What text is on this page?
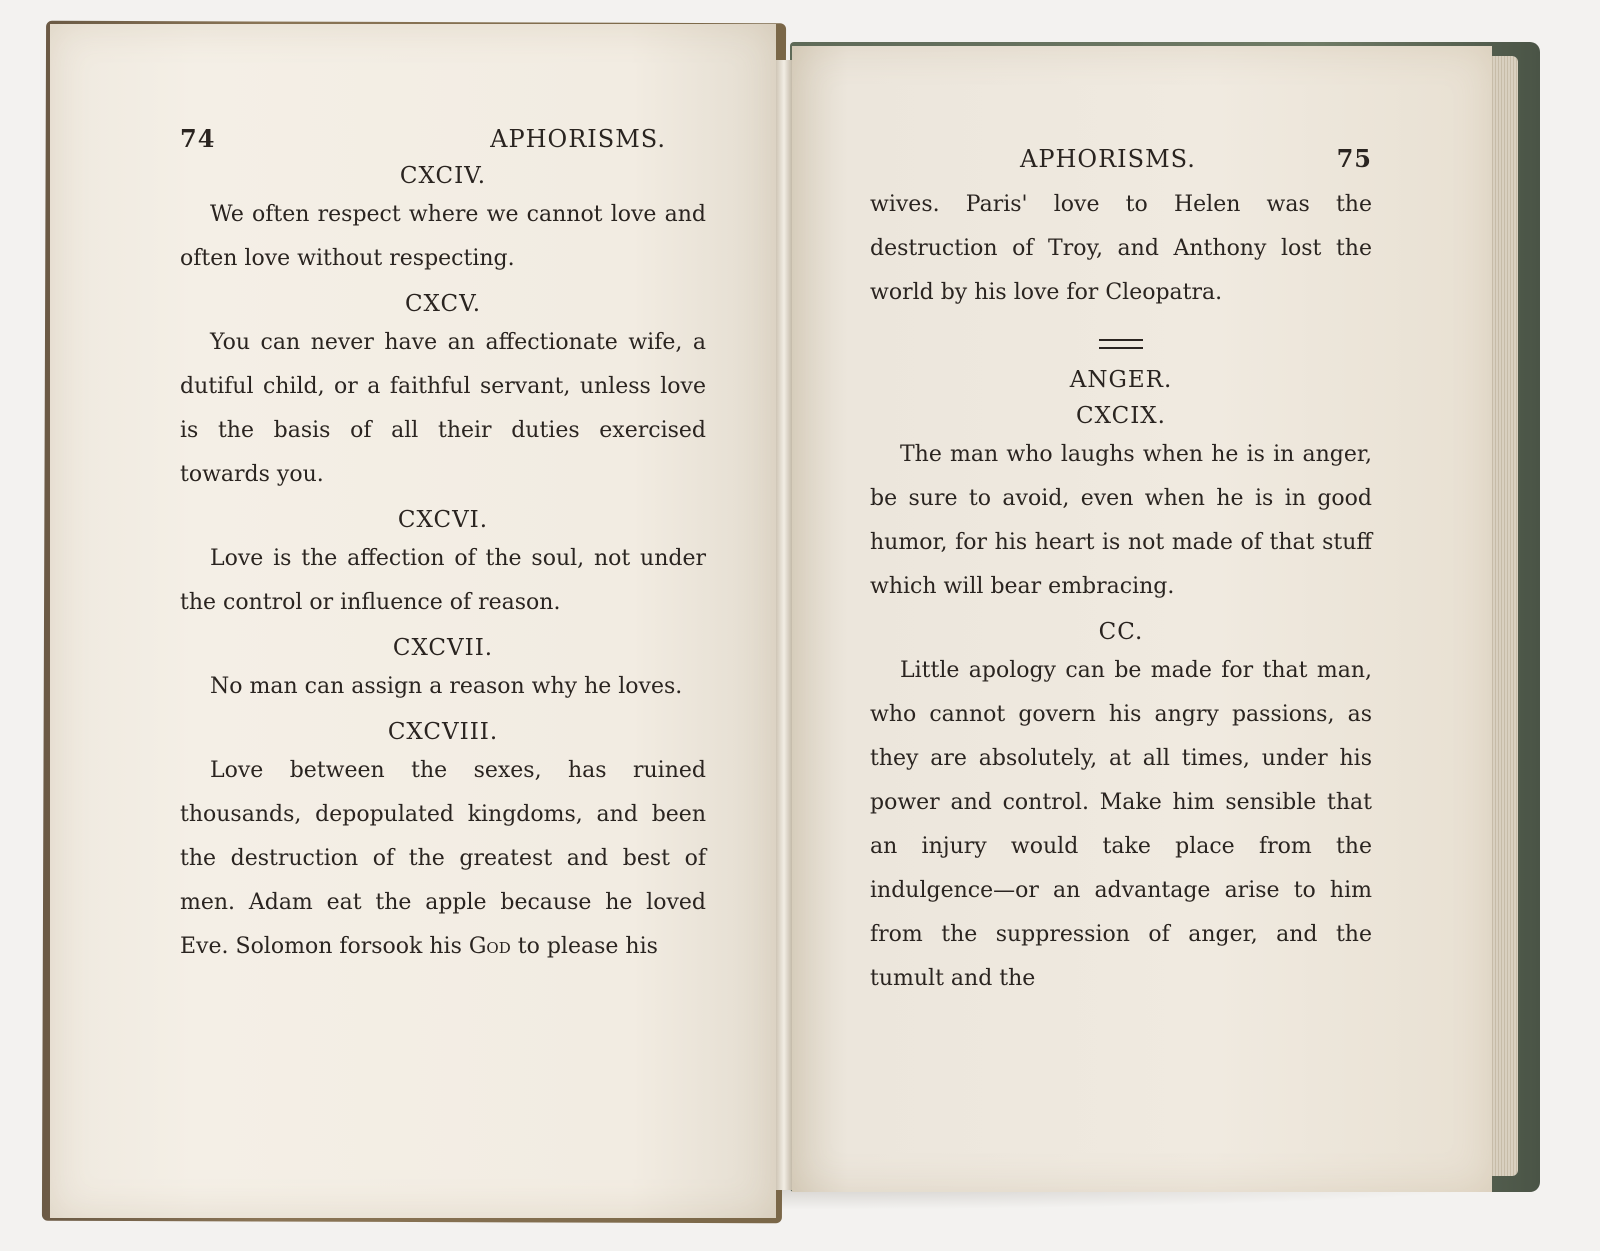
74	APHORISMS.
CXCIV.

We often respect where we cannot love and often love without respecting.

CXCV.

You can never have an affectionate wife, a dutiful child, or a faithful servant, unless love is the basis of all their duties exercised towards you.

CXCVI.

Love is the affection of the soul, not under the control or influence of reason.

CXCVII.

No man can assign a reason why he loves.

CXCVIII.

Love between the sexes, has ruined thousands, depopulated kingdoms, and been the destruction of the greatest and best of men. Adam eat the apple because he loved Eve. Solomon forsook his God to please his

APHORISMS.	75

wives. Paris' love to Helen was the destruction of Troy, and Anthony lost the world by his love for Cleopatra.

ANGER.
CXCIX.

The man who laughs when he is in anger, be sure to avoid, even when he is in good humor, for his heart is not made of that stuff which will bear embracing.

CC.

Little apology can be made for that man, who cannot govern his angry passions, as they are absolutely, at all times, under his power and control. Make him sensible that an injury would take place from the indulgence—or an advantage arise to him from the suppression of anger, and the tumult and the
